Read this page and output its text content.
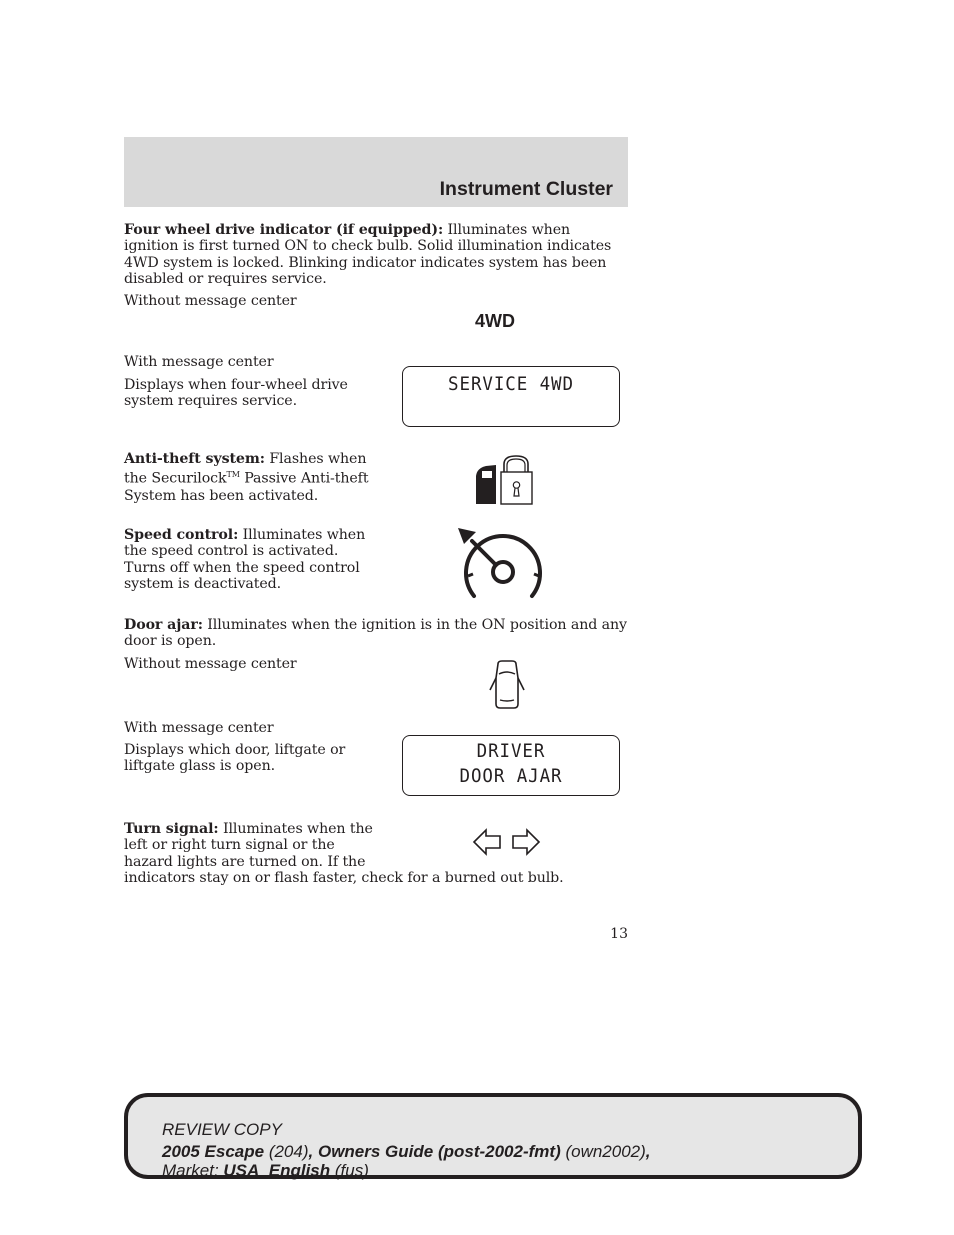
Instrument Cluster

Four wheel drive indicator (if equipped): Illuminates when ignition is first turned ON to check bulb. Solid illumination indicates 4WD system is locked. Blinking indicator indicates system has been disabled or requires service.

Without message center

4WD

With message center

Displays when four-wheel drive system requires service.

SERVICE 4WD

Anti-theft system: Flashes when the Securilock™ Passive Anti-theft System has been activated.

Speed control: Illuminates when the speed control is activated. Turns off when the speed control system is deactivated.

Door ajar: Illuminates when the ignition is in the ON position and any door is open.

Without message center

With message center

Displays which door, liftgate or liftgate glass is open.

DRIVER
DOOR AJAR

Turn signal: Illuminates when the left or right turn signal or the hazard lights are turned on. If the

indicators stay on or flash faster, check for a burned out bulb.

13
REVIEW COPY
2005 Escape (204), Owners Guide (post-2002-fmt) (own2002),
Market: USA_English (fus)
